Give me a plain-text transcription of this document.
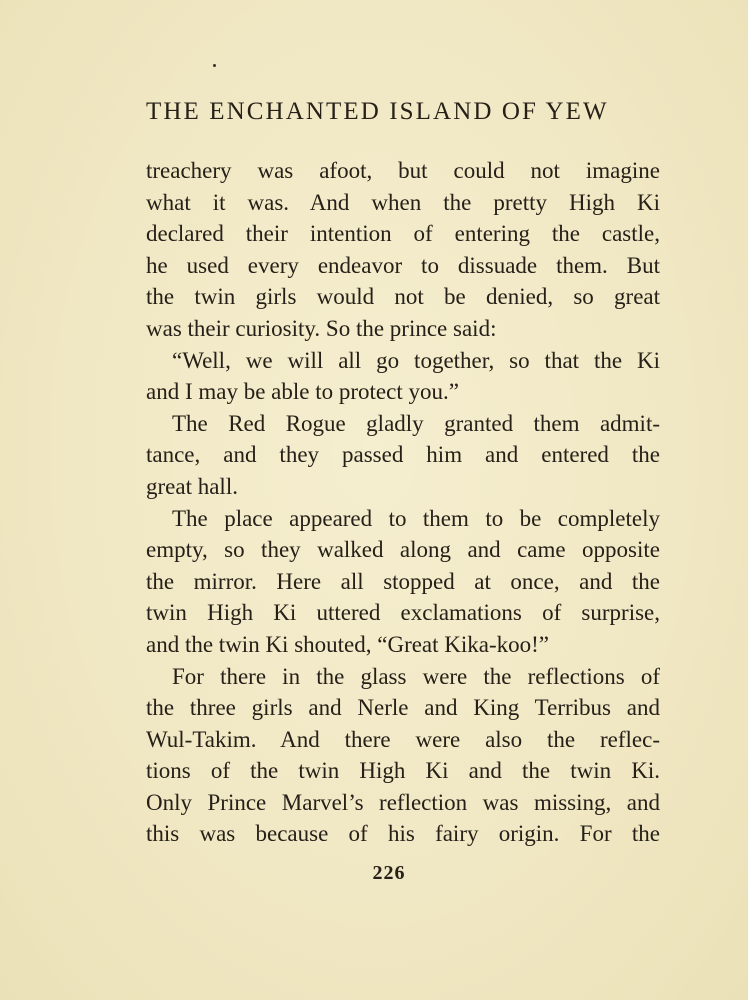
THE ENCHANTED ISLAND OF YEW
treachery was afoot, but could not imagine
what it was. And when the pretty High Ki
declared their intention of entering the castle,
he used every endeavor to dissuade them. But
the twin girls would not be denied, so great
was their curiosity. So the prince said:
“Well, we will all go together, so that the Ki
and I may be able to protect you.”
The Red Rogue gladly granted them admit-
tance, and they passed him and entered the
great hall.
The place appeared to them to be completely
empty, so they walked along and came opposite
the mirror. Here all stopped at once, and the
twin High Ki uttered exclamations of surprise,
and the twin Ki shouted, “Great Kika-koo!”
For there in the glass were the reflections of
the three girls and Nerle and King Terribus and
Wul-Takim. And there were also the reflec-
tions of the twin High Ki and the twin Ki.
Only Prince Marvel’s reflection was missing, and
this was because of his fairy origin. For the
226
